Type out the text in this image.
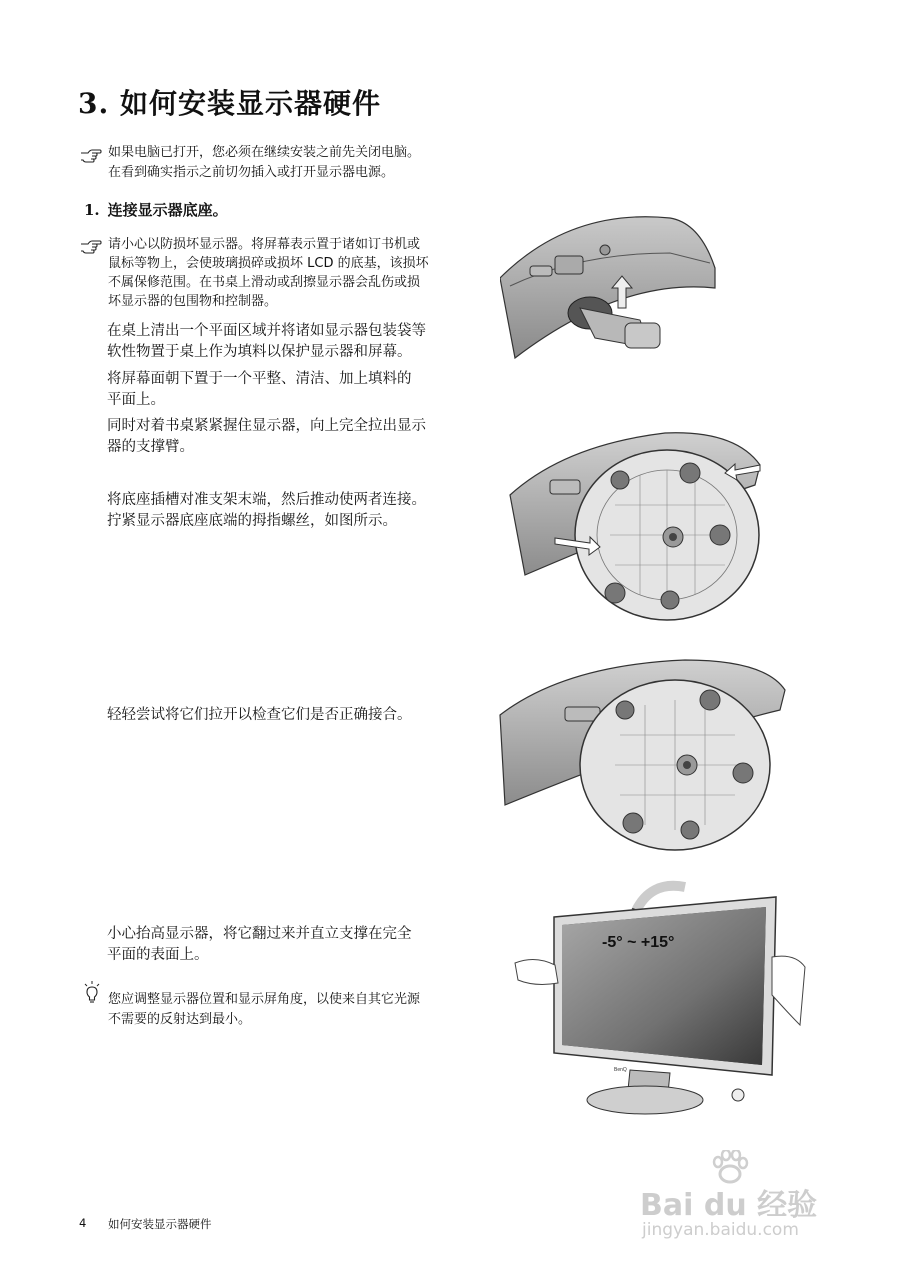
3. 如何安装显示器硬件
如果电脑已打开，您必须在继续安装之前先关闭电脑。
在看到确实指示之前切勿插入或打开显示器电源。
1. 连接显示器底座。
请小心以防损坏显示器。将屏幕表示置于诸如订书机或
鼠标等物上，会使玻璃损碎或损坏 LCD 的底基，该损坏
不属保修范围。在书桌上滑动或刮擦显示器会乱伤或损
坏显示器的包围物和控制器。
在桌上清出一个平面区域并将诸如显示器包装袋等
软性物置于桌上作为填料以保护显示器和屏幕。
将屏幕面朝下置于一个平整、清洁、加上填料的
平面上。
同时对着书桌紧紧握住显示器，向上完全拉出显示
器的支撑臂。
将底座插槽对准支架末端，然后推动使两者连接。
拧紧显示器底座底端的拇指螺丝，如图所示。
轻轻尝试将它们拉开以检查它们是否正确接合。
小心抬高显示器，将它翻过来并直立支撑在完全
平面的表面上。
您应调整显示器位置和显示屏角度，以使来自其它光源
不需要的反射达到最小。
-5° ~ +15°
BenQ
4 如何安装显示器硬件
Bai du 经验
jingyan.baidu.com
